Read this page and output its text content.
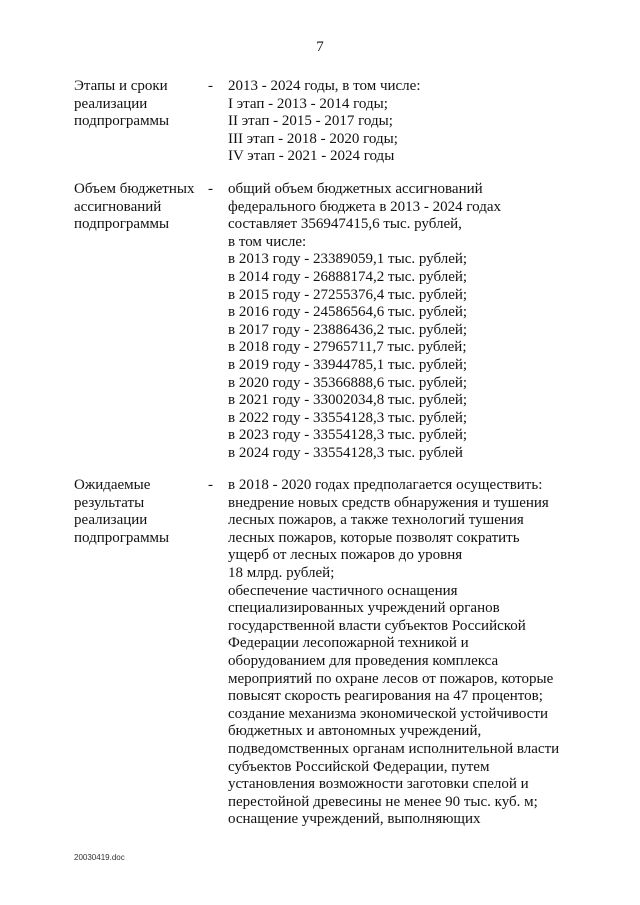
7
Этапы и сроки
реализации
подпрограммы
- 2013 - 2024 годы, в том числе:
I этап - 2013 - 2014 годы;
II этап - 2015 - 2017 годы;
III этап - 2018 - 2020 годы;
IV этап - 2021 - 2024 годы
Объем бюджетных
ассигнований
подпрограммы
- общий объем бюджетных ассигнований
федерального бюджета в 2013 - 2024 годах
составляет 356947415,6 тыс. рублей,
в том числе:
в 2013 году - 23389059,1 тыс. рублей;
в 2014 году - 26888174,2 тыс. рублей;
в 2015 году - 27255376,4 тыс. рублей;
в 2016 году - 24586564,6 тыс. рублей;
в 2017 году - 23886436,2 тыс. рублей;
в 2018 году - 27965711,7 тыс. рублей;
в 2019 году - 33944785,1 тыс. рублей;
в 2020 году - 35366888,6 тыс. рублей;
в 2021 году - 33002034,8 тыс. рублей;
в 2022 году - 33554128,3 тыс. рублей;
в 2023 году - 33554128,3 тыс. рублей;
в 2024 году - 33554128,3 тыс. рублей
Ожидаемые
результаты
реализации
подпрограммы
- в 2018 - 2020 годах предполагается осуществить:
внедрение новых средств обнаружения и тушения
лесных пожаров, а также технологий тушения
лесных пожаров, которые позволят сократить
ущерб от лесных пожаров до уровня
18 млрд. рублей;
обеспечение частичного оснащения
специализированных учреждений органов
государственной власти субъектов Российской
Федерации лесопожарной техникой и
оборудованием для проведения комплекса
мероприятий по охране лесов от пожаров, которые
повысят скорость реагирования на 47 процентов;
создание механизма экономической устойчивости
бюджетных и автономных учреждений,
подведомственных органам исполнительной власти
субъектов Российской Федерации, путем
установления возможности заготовки спелой и
перестойной древесины не менее 90 тыс. куб. м;
оснащение учреждений, выполняющих
20030419.doc
